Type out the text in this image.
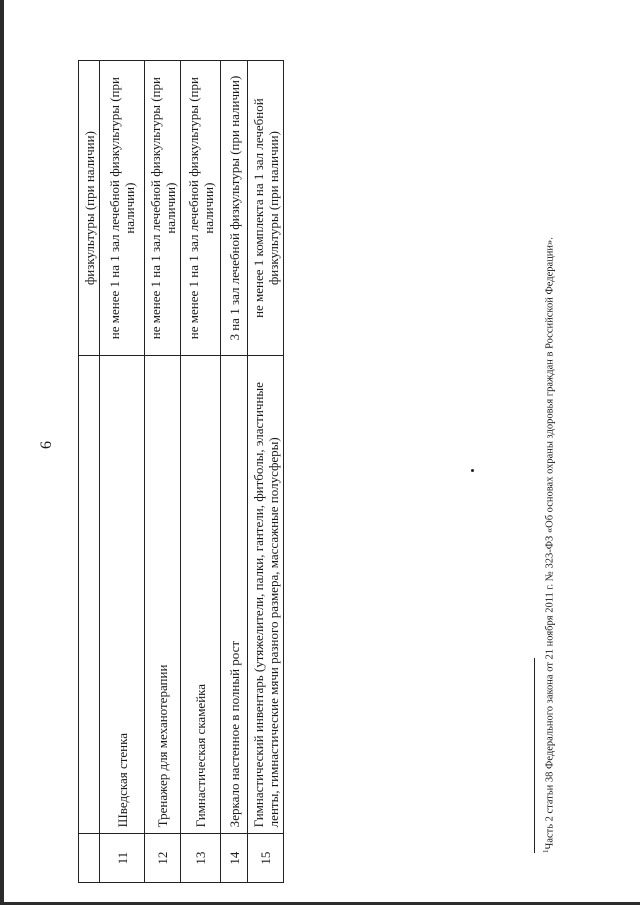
6
		физкультуры (при наличии)
11	Шведская стенка	не менее 1 на 1 зал лечебной физкультуры (при наличии)
12	Тренажер для механотерапии	не менее 1 на 1 зал лечебной физкультуры (при наличии)
13	Гимнастическая скамейка	не менее 1 на 1 зал лечебной физкультуры (при наличии)
14	Зеркало настенное в полный рост	3 на 1 зал лечебной физкультуры (при наличии)
15	Гимнастический инвентарь (утяжелители, палки, гантели, фитболы, эластичные ленты, гимнастические мячи разного размера, массажные полусферы)	не менее 1 комплекта на 1 зал лечебной физкультуры (при наличии)
$^1$Часть 2 статьи 38 Федерального закона от 21 ноября 2011 г. № 323-ФЗ «Об основах охраны здоровья граждан в Российской Федерации».
